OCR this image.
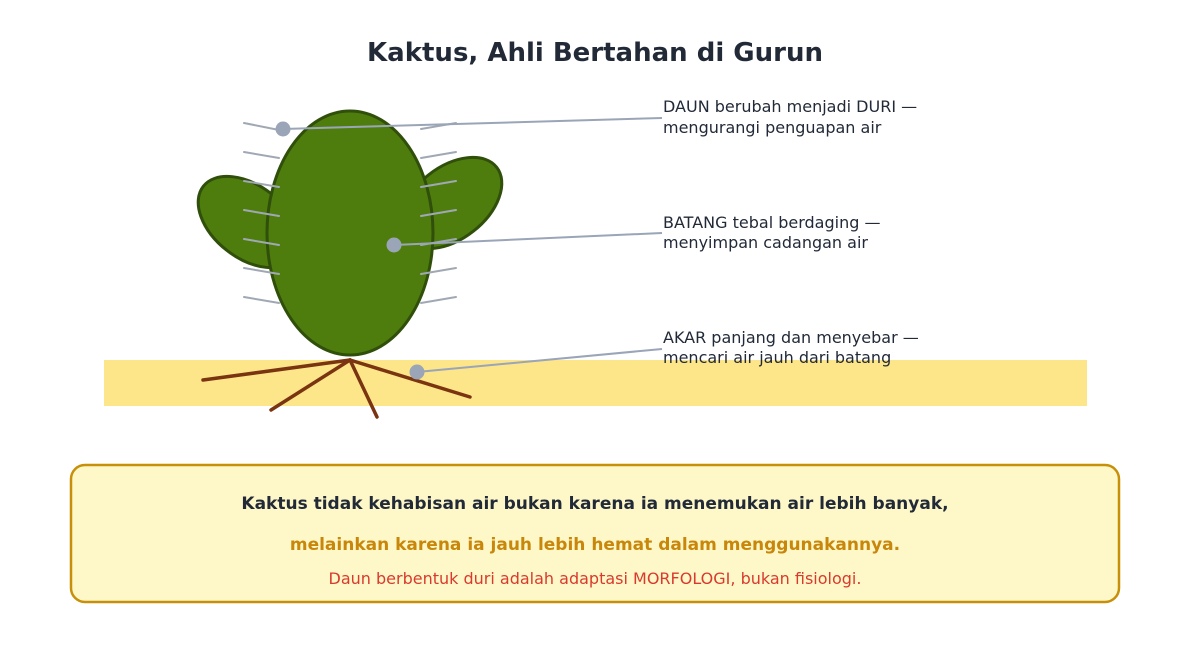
Kaktus, Ahli Bertahan di Gurun
DAUN berubah menjadi DURI —
mengurangi penguapan air
BATANG tebal berdaging —
menyimpan cadangan air
AKAR panjang dan menyebar —
mencari air jauh dari batang
Kaktus tidak kehabisan air bukan karena ia menemukan air lebih banyak,
melainkan karena ia jauh lebih hemat dalam menggunakannya.
Daun berbentuk duri adalah adaptasi MORFOLOGI, bukan fisiologi.
